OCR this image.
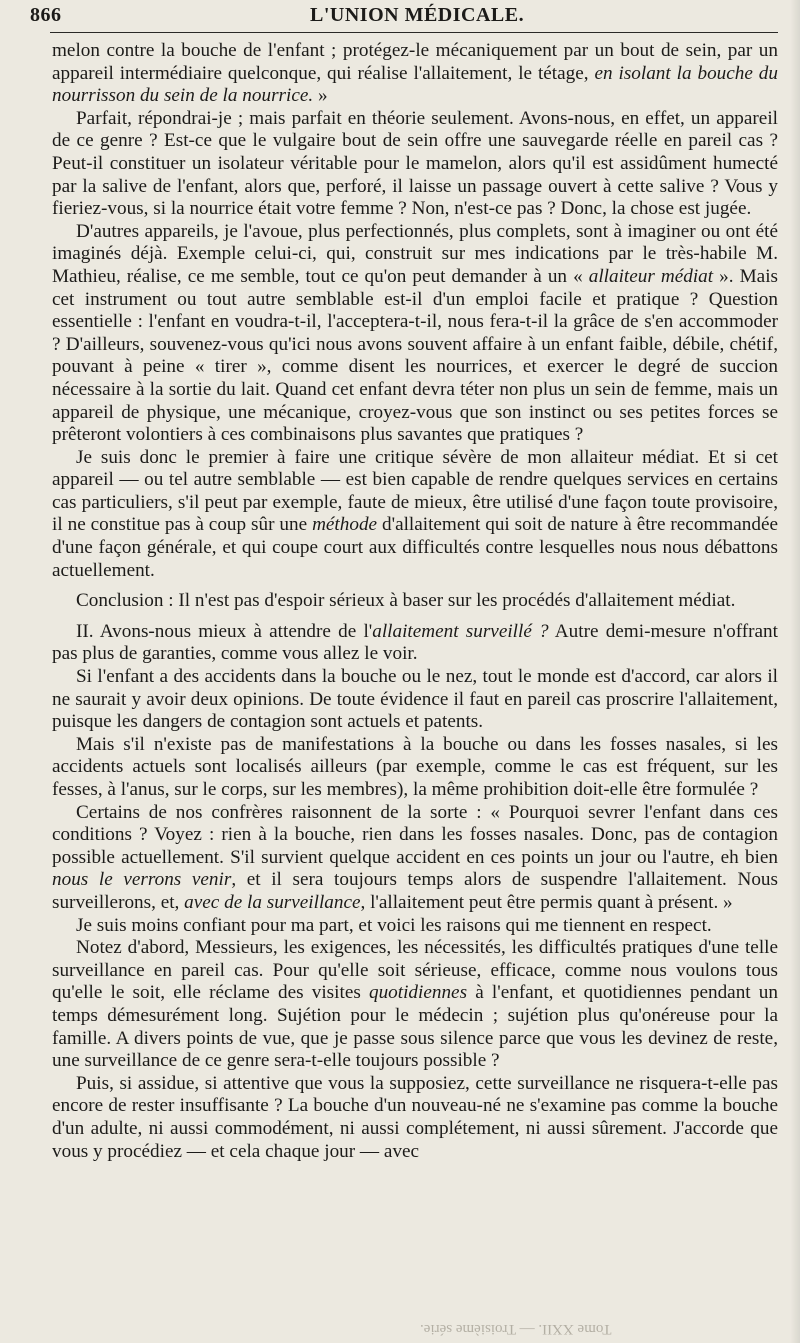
866	L'UNION MÉDICALE.

melon contre la bouche de l'enfant ; protégez-le mécaniquement par un bout de sein, par un appareil intermédiaire quelconque, qui réalise l'allaitement, le tétage, en isolant la bouche du nourrisson du sein de la nourrice. »

Parfait, répondrai-je ; mais parfait en théorie seulement. Avons-nous, en effet, un appareil de ce genre ? Est-ce que le vulgaire bout de sein offre une sauvegarde réelle en pareil cas ? Peut-il constituer un isolateur véritable pour le mamelon, alors qu'il est assidûment humecté par la salive de l'enfant, alors que, perforé, il laisse un passage ouvert à cette salive ? Vous y fieriez-vous, si la nourrice était votre femme ? Non, n'est-ce pas ? Donc, la chose est jugée.

D'autres appareils, je l'avoue, plus perfectionnés, plus complets, sont à imaginer ou ont été imaginés déjà. Exemple celui-ci, qui, construit sur mes indications par le très-habile M. Mathieu, réalise, ce me semble, tout ce qu'on peut demander à un « allaiteur médiat ». Mais cet instrument ou tout autre semblable est-il d'un emploi facile et pratique ? Question essentielle : l'enfant en voudra-t-il, l'acceptera-t-il, nous fera-t-il la grâce de s'en accommoder ? D'ailleurs, souvenez-vous qu'ici nous avons souvent affaire à un enfant faible, débile, chétif, pouvant à peine « tirer », comme disent les nourrices, et exercer le degré de succion nécessaire à la sortie du lait. Quand cet enfant devra téter non plus un sein de femme, mais un appareil de physique, une mécanique, croyez-vous que son instinct ou ses petites forces se prêteront volontiers à ces combinaisons plus savantes que pratiques ?

Je suis donc le premier à faire une critique sévère de mon allaiteur médiat. Et si cet appareil — ou tel autre semblable — est bien capable de rendre quelques services en certains cas particuliers, s'il peut par exemple, faute de mieux, être utilisé d'une façon toute provisoire, il ne constitue pas à coup sûr une méthode d'allaitement qui soit de nature à être recommandée d'une façon générale, et qui coupe court aux difficultés contre lesquelles nous nous débattons actuellement.

Conclusion : Il n'est pas d'espoir sérieux à baser sur les procédés d'allaitement médiat.

II. Avons-nous mieux à attendre de l'allaitement surveillé ? Autre demi-mesure n'offrant pas plus de garanties, comme vous allez le voir.

Si l'enfant a des accidents dans la bouche ou le nez, tout le monde est d'accord, car alors il ne saurait y avoir deux opinions. De toute évidence il faut en pareil cas proscrire l'allaitement, puisque les dangers de contagion sont actuels et patents.

Mais s'il n'existe pas de manifestations à la bouche ou dans les fosses nasales, si les accidents actuels sont localisés ailleurs (par exemple, comme le cas est fréquent, sur les fesses, à l'anus, sur le corps, sur les membres), la même prohibition doit-elle être formulée ?

Certains de nos confrères raisonnent de la sorte : « Pourquoi sevrer l'enfant dans ces conditions ? Voyez : rien à la bouche, rien dans les fosses nasales. Donc, pas de contagion possible actuellement. S'il survient quelque accident en ces points un jour ou l'autre, eh bien nous le verrons venir, et il sera toujours temps alors de suspendre l'allaitement. Nous surveillerons, et, avec de la surveillance, l'allaitement peut être permis quant à présent. »

Je suis moins confiant pour ma part, et voici les raisons qui me tiennent en respect.

Notez d'abord, Messieurs, les exigences, les nécessités, les difficultés pratiques d'une telle surveillance en pareil cas. Pour qu'elle soit sérieuse, efficace, comme nous voulons tous qu'elle le soit, elle réclame des visites quotidiennes à l'enfant, et quotidiennes pendant un temps démesurément long. Sujétion pour le médecin ; sujétion plus qu'onéreuse pour la famille. A divers points de vue, que je passe sous silence parce que vous les devinez de reste, une surveillance de ce genre sera-t-elle toujours possible ?

Puis, si assidue, si attentive que vous la supposiez, cette surveillance ne risquera-t-elle pas encore de rester insuffisante ? La bouche d'un nouveau-né ne s'examine pas comme la bouche d'un adulte, ni aussi commodément, ni aussi complétement, ni aussi sûrement. J'accorde que vous y procédiez — et cela chaque jour — avec

Tome XXII. — Troisième série.
